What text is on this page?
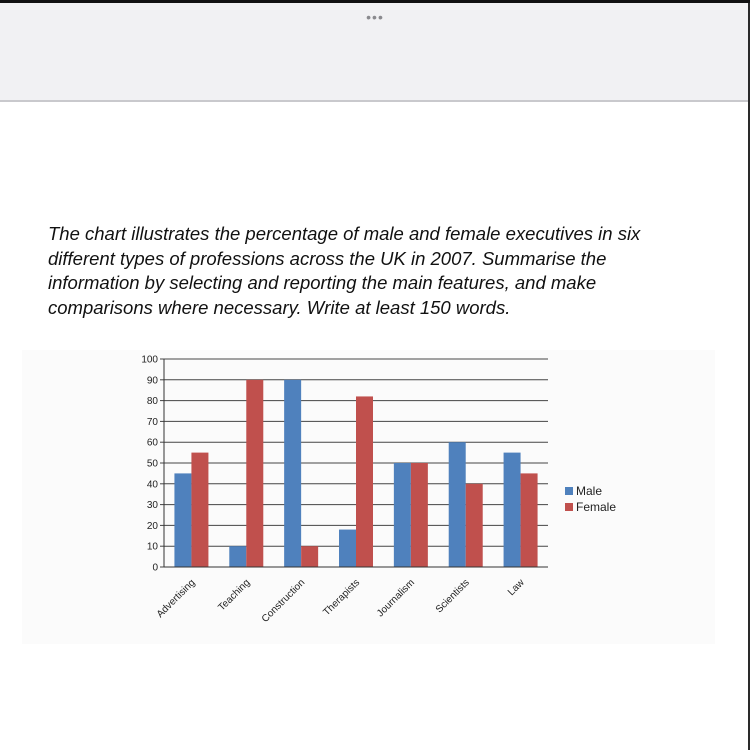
•••

The chart illustrates the percentage of male and female executives in six different types of professions across the UK in 2007. Summarise the information by selecting and reporting the main features, and make comparisons where necessary. Write at least 150 words.

0
10
20
30
40
50
60
70
80
90
100
Advertising Teaching Construction Therapists Journalism Scientists	Law
Male
Female
